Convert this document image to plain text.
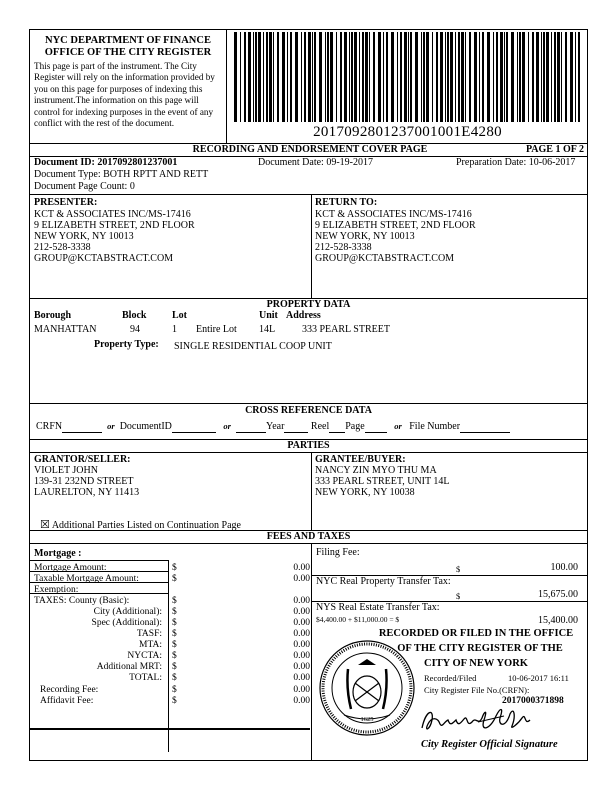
NYC DEPARTMENT OF FINANCE
OFFICE OF THE CITY REGISTER
This page is part of the instrument. The City Register will rely on the information provided by you on this page for purposes of indexing this instrument.The information on this page will control for indexing purposes in the event of any conflict with the rest of the document.
2017092801237001001E4280
RECORDING AND ENDORSEMENT COVER PAGE	PAGE 1 OF 2
Document ID: 2017092801237001	Document Date: 09-19-2017	Preparation Date: 10-06-2017
Document Type: BOTH RPTT AND RETT
Document Page Count: 0
PRESENTER:
KCT & ASSOCIATES INC/MS-17416
9 ELIZABETH STREET, 2ND FLOOR
NEW YORK, NY 10013
212-528-3338
GROUP@KCTABSTRACT.COM
RETURN TO:
KCT & ASSOCIATES INC/MS-17416
9 ELIZABETH STREET, 2ND FLOOR
NEW YORK, NY 10013
212-528-3338
GROUP@KCTABSTRACT.COM
PROPERTY DATA
Borough	Block	Lot	Unit Address
MANHATTAN	94	1 Entire Lot 14L	333 PEARL STREET
Property Type: SINGLE RESIDENTIAL COOP UNIT
CROSS REFERENCE DATA
CRFN	or DocumentID	or	Year	Reel Page	or File Number
PARTIES
GRANTOR/SELLER:
VIOLET JOHN
139-31 232ND STREET
LAURELTON, NY 11413
GRANTEE/BUYER:
NANCY ZIN MYO THU MA
333 PEARL STREET, UNIT 14L
NEW YORK, NY 10038
☒ Additional Parties Listed on Continuation Page
FEES AND TAXES
Mortgage :
Mortgage Amount:	$	0.00
Taxable Mortgage Amount:	$	0.00
Exemption:
TAXES: County (Basic):	$	0.00
City (Additional): $	0.00
Spec (Additional): $	0.00
TASF: $	0.00
MTA: $	0.00
NYCTA: $	0.00
Additional MRT: $	0.00
TOTAL: $	0.00
Recording Fee:	$	0.00
Affidavit Fee:	$	0.00
Filing Fee:
$	100.00
NYC Real Property Transfer Tax:
$	15,675.00
NYS Real Estate Transfer Tax:
$4,400.00 + $11,000.00 = $	15,400.00
RECORDED OR FILED IN THE OFFICE
OF THE CITY REGISTER OF THE
CITY OF NEW YORK
Recorded/Filed	10-06-2017 16:11
City Register File No.(CRFN):
2017000371898
1625
City Register Official Signature
